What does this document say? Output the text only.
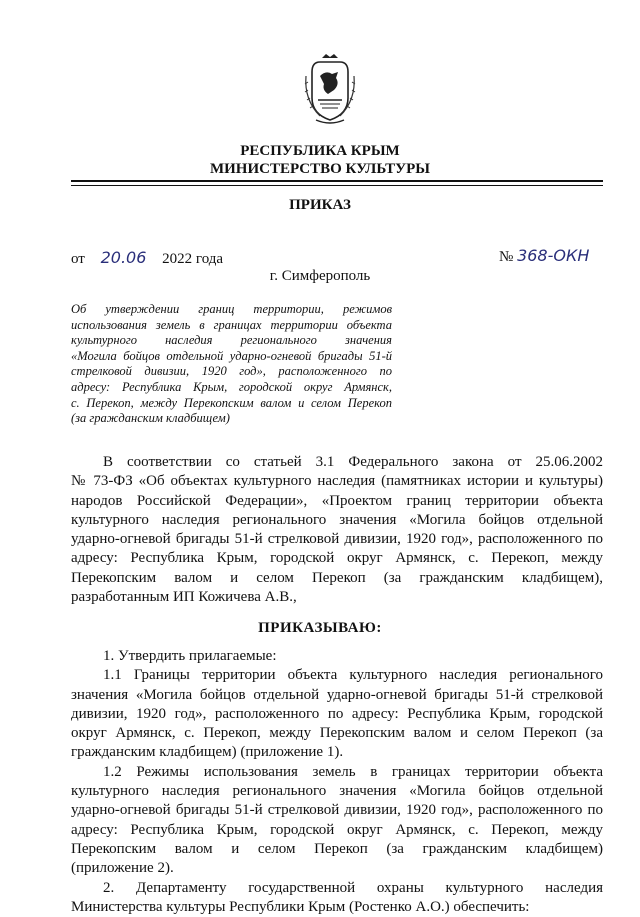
РЕСПУБЛИКА КРЫМ
МИНИСТЕРСТВО КУЛЬТУРЫ
ПРИКАЗ
от 20.06 2022 года	№ 368-ОКН
г. Симферополь
Об утверждении границ территории, режимов
использования земель в границах территории объекта
культурного наследия регионального значения
«Могила бойцов отдельной ударно-огневой бригады 51-й
стрелковой дивизии, 1920 год», расположенного по
адресу: Республика Крым, городской округ Армянск,
с. Перекоп, между Перекопским валом и селом Перекоп
(за гражданским кладбищем)
В соответствии со статьей 3.1 Федерального закона от 25.06.2002
№ 73-ФЗ «Об объектах культурного наследия (памятниках истории и культуры)
народов Российской Федерации», «Проектом границ территории объекта
культурного наследия регионального значения «Могила бойцов отдельной
ударно-огневой бригады 51-й стрелковой дивизии, 1920 год», расположенного по
адресу: Республика Крым, городской округ Армянск, с. Перекоп, между
Перекопским валом и селом Перекоп (за гражданским кладбищем),
разработанным ИП Кожичева А.В.,
ПРИКАЗЫВАЮ:
1. Утвердить прилагаемые:
1.1 Границы территории объекта культурного наследия регионального
значения «Могила бойцов отдельной ударно-огневой бригады 51-й стрелковой
дивизии, 1920 год», расположенного по адресу: Республика Крым, городской
округ Армянск, с. Перекоп, между Перекопским валом и селом Перекоп (за
гражданским кладбищем) (приложение 1).
1.2 Режимы использования земель в границах территории объекта
культурного наследия регионального значения «Могила бойцов отдельной
ударно-огневой бригады 51-й стрелковой дивизии, 1920 год», расположенного по
адресу: Республика Крым, городской округ Армянск, с. Перекоп, между
Перекопским валом и селом Перекоп (за гражданским кладбищем)
(приложение 2).
2. Департаменту государственной охраны культурного наследия
Министерства культуры Республики Крым (Ростенко А.О.) обеспечить:
